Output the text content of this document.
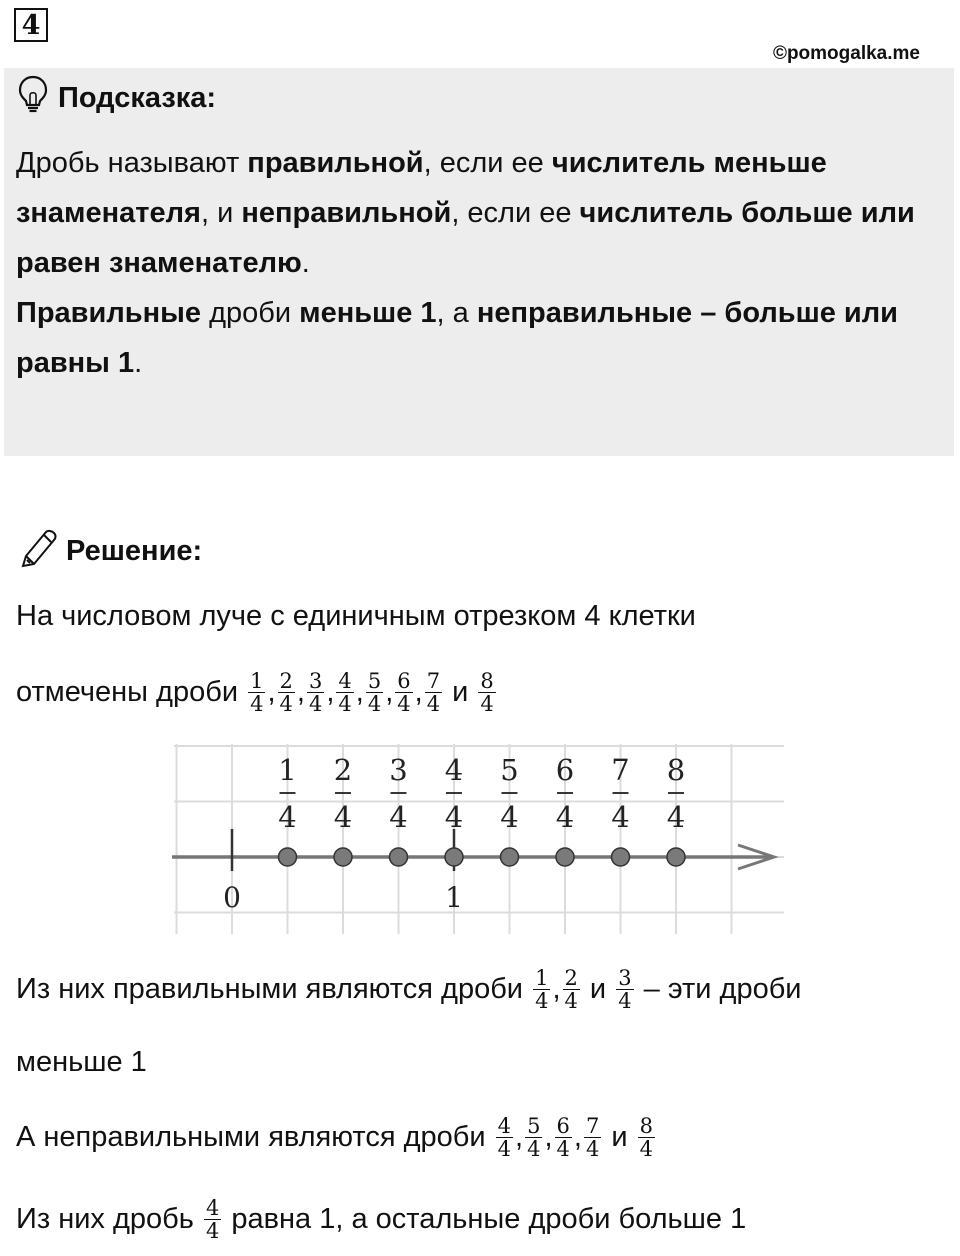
4
©pomogalka.me
Подсказка:

Дробь называют правильной, если ее числитель меньше знаменателя, и неправильной, если ее числитель больше или равен знаменателю.

Правильные дроби меньше 1, а неправильные – больше или равны 1.

Решение:
На числовом луче с единичным отрезком 4 клетки
отмечены дроби $\frac{1}{4}$ , $\frac{2}{4}$ , $\frac{3}{4}$ , $\frac{4}{4}$ , $\frac{5}{4}$ , $\frac{6}{4}$ , $\frac{7}{4}$ и $\frac{8}{4}$
0	1
1
4
2
4
3
4
4
4
5
4
6
4
7
4
8
4
Из них правильными являются дроби $\frac{1}{4}$ , $\frac{2}{4}$ и $\frac{3}{4}$ – эти дроби
меньше 1
А неправильными являются дроби $\frac{4}{4}$ , $\frac{5}{4}$ , $\frac{6}{4}$ , $\frac{7}{4}$ и $\frac{8}{4}$
Из них дробь $\frac{4}{4}$ равна 1, а остальные дроби больше 1
